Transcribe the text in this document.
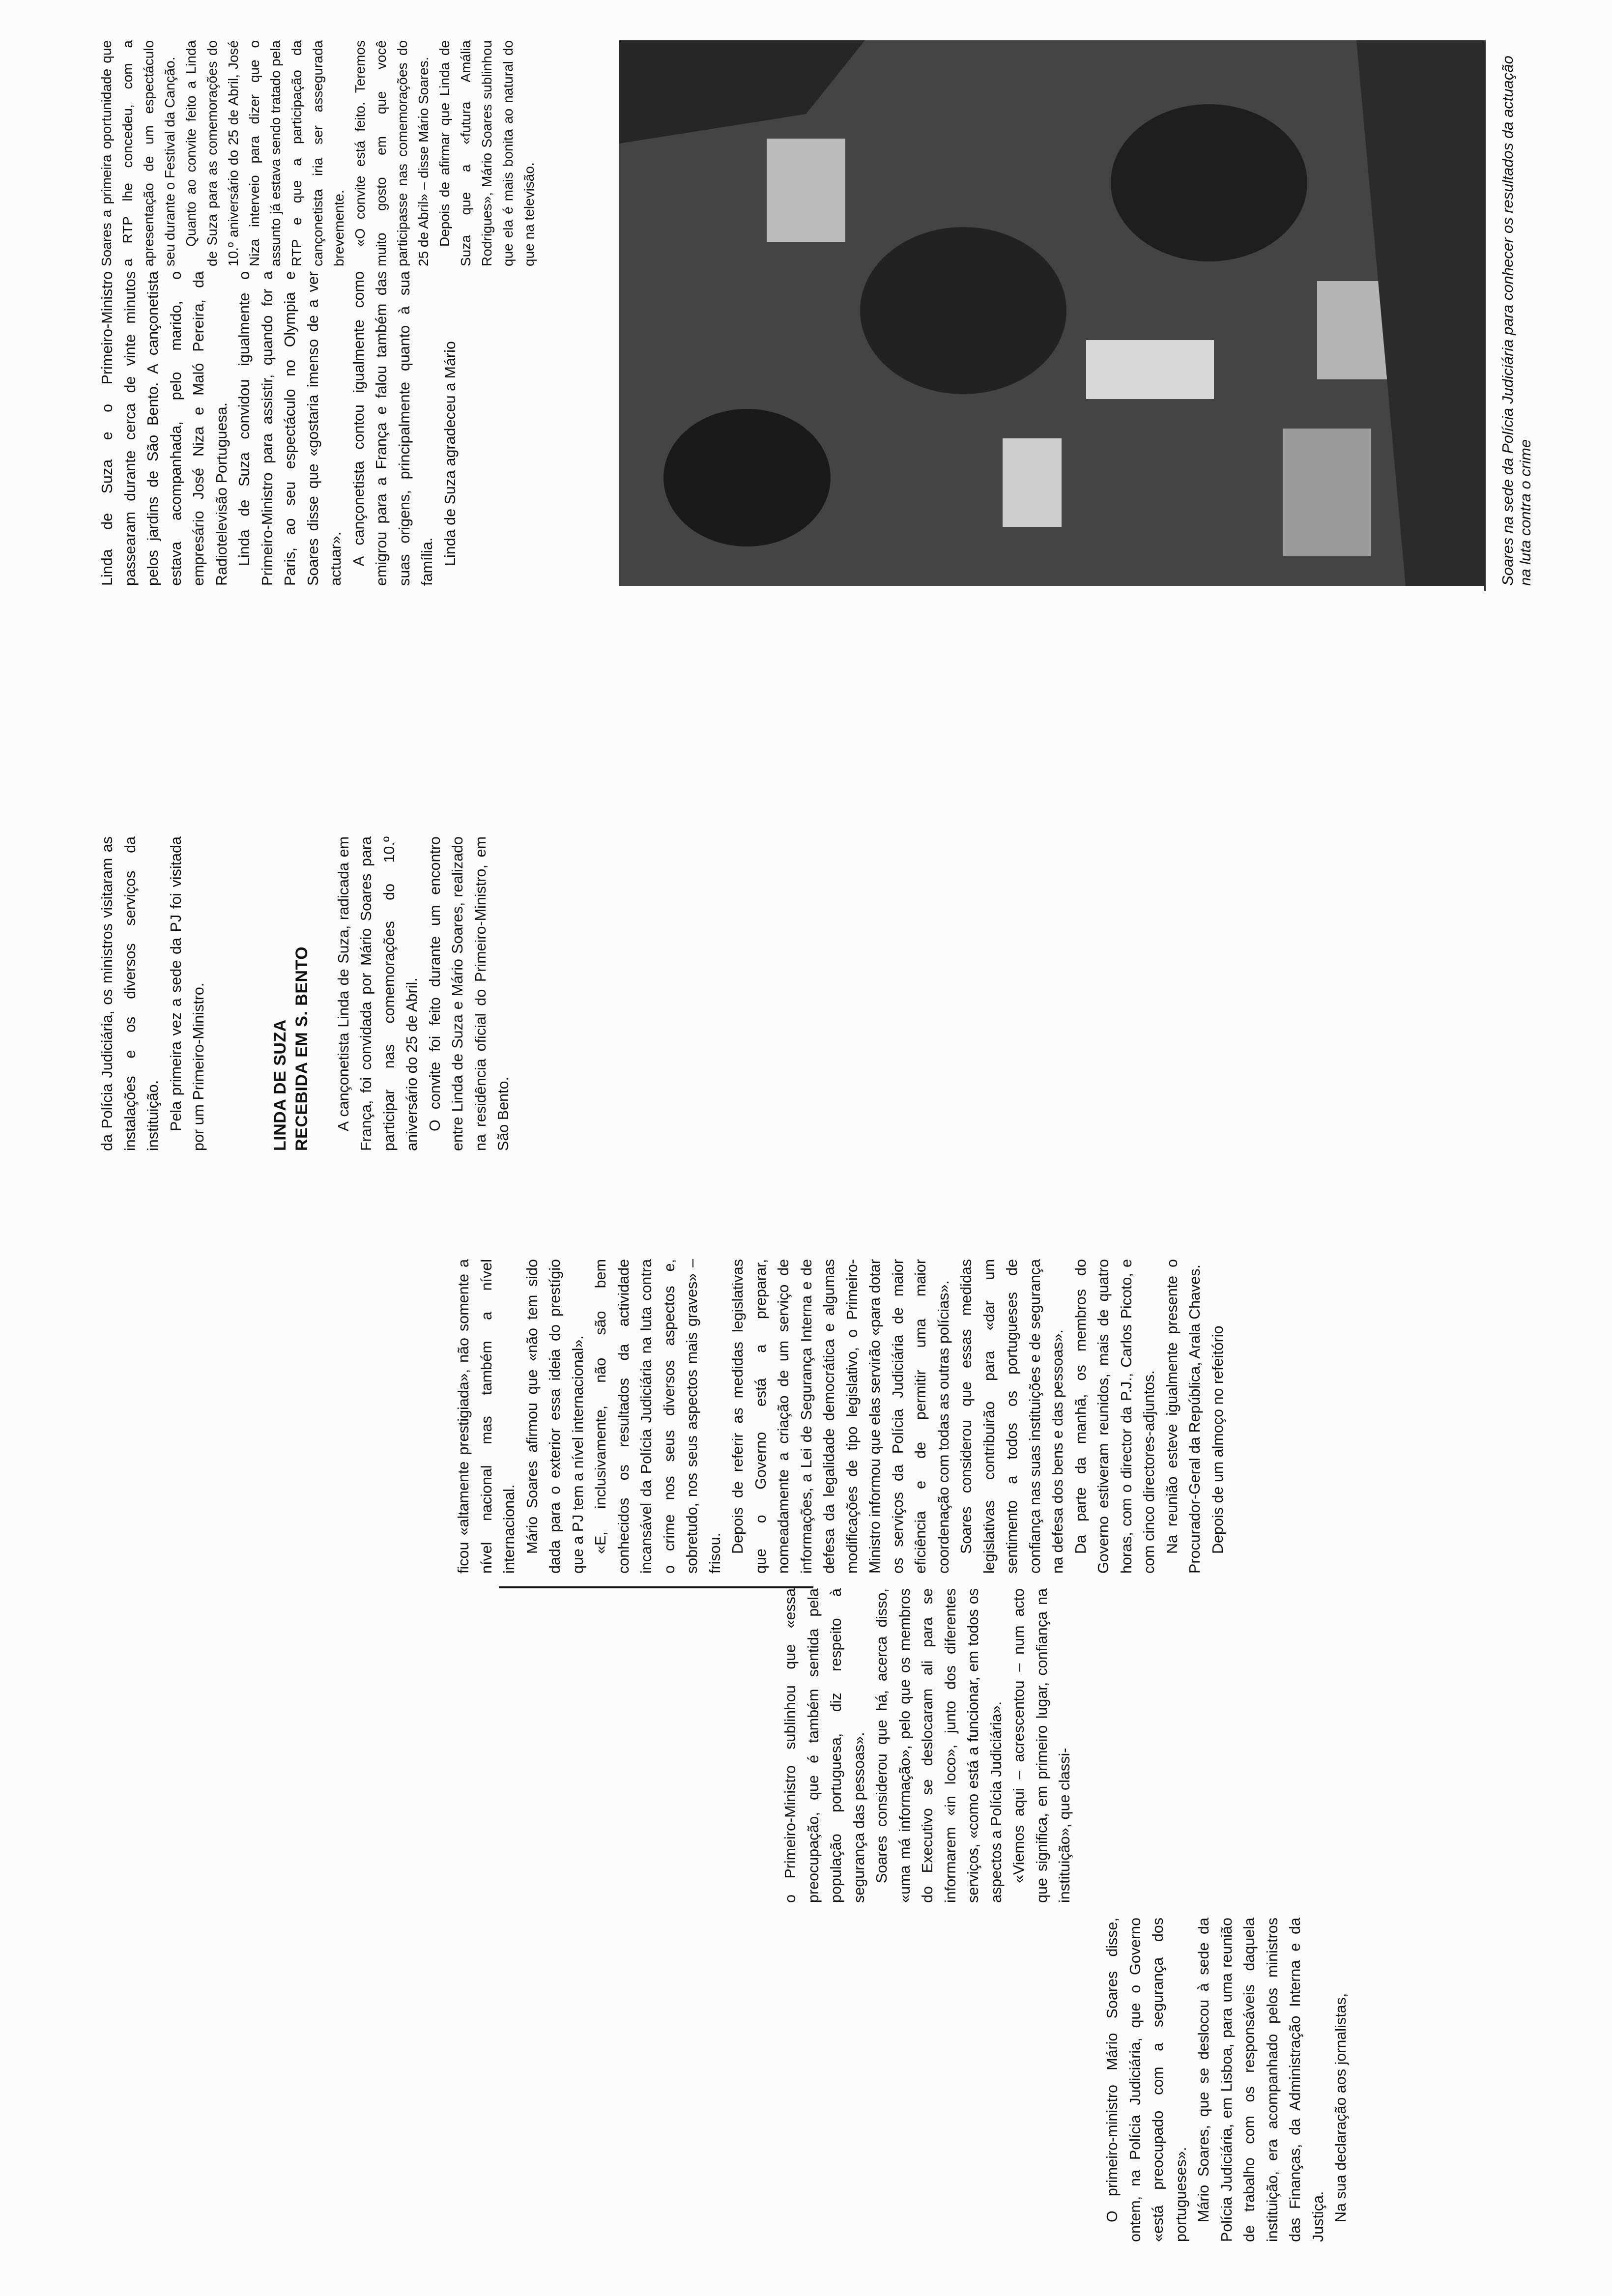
O primeiro-ministro Mário Soares disse, ontem, na Polícia Judiciária, que o Governo «está preocupado com a segurança dos portugueses». Mário Soares, que se deslocou à sede da Polícia Judiciária, em Lisboa, para uma reunião de trabalho com os responsáveis daquela instituição, era acompanhado pelos ministros das Finanças, da Administração Interna e da Justiça. Na sua declaração aos jornalistas,

o Primeiro-Ministro sublinhou que «essa preocupação, que é também sentida pela população portuguesa, diz respeito à segurança das pessoas». Soares considerou que há, acerca disso, «uma má informação», pelo que os membros do Executivo se deslocaram ali para se informarem «in loco», junto dos diferentes serviços, «como está a funcionar, em todos os aspectos a Polícia Judiciária». «Viemos aqui – acrescentou – num acto que significa, em primeiro lugar, confiança na instituição», que classi-

ficou «altamente prestigiada», não somente a nível nacional mas também a nível internacional. Mário Soares afirmou que «não tem sido dada para o exterior essa ideia do prestígio que a PJ tem a nível internacional». «E, inclusivamente, não são bem conhecidos os resultados da actividade incansável da Polícia Judiciária na luta contra o crime nos seus diversos aspectos e, sobretudo, nos seus aspectos mais graves» – frisou. Depois de referir as medidas legislativas que o Governo está a preparar, nomeadamente a criação de um serviço de informações, a Lei de Segurança Interna e de defesa da legalidade democrática e algumas modificações de tipo legislativo, o Primeiro-Ministro informou que elas servirão «para dotar os serviços da Polícia Judiciária de maior eficiência e de permitir uma maior coordenação com todas as outras polícias». Soares considerou que essas medidas legislativas contribuirão para «dar um sentimento a todos os portugueses de confiança nas suas instituições e de segurança na defesa dos bens e das pessoas». Da parte da manhã, os membros do Governo estiveram reunidos, mais de quatro horas, com o director da P.J., Carlos Picoto, e com cinco directores-adjuntos. Na reunião esteve igualmente presente o Procurador-Geral da República, Arala Chaves. Depois de um almoço no refeitório

da Polícia Judiciária, os ministros visitaram as instalações e os diversos serviços da instituição. Pela primeira vez a sede da PJ foi visitada por um Primeiro-Ministro.	LINDA DE SUZA
RECEBIDA EM S. BENTO A cançonetista Linda de Suza, radicada em França, foi convidada por Mário Soares para participar nas comemorações do 10.º aniversário do 25 de Abril. O convite foi feito durante um encontro entre Linda de Suza e Mário Soares, realizado na residência oficial do Primeiro-Ministro, em São Bento.

Linda de Suza e o Primeiro-Ministro passearam durante cerca de vinte minutos pelos jardins de São Bento. A cançonetista estava acompanhada, pelo marido, o empresário José Niza e Maló Pereira, da Radiotelevisão Portuguesa. Linda de Suza convidou igualmente o Primeiro-Ministro para assistir, quando for a Paris, ao seu espectáculo no Olympia e Soares disse que «gostaria imenso de a ver actuar». A cançonetista contou igualmente como emigrou para a França e falou também das suas origens, principalmente quanto à sua família. Linda de Suza agradeceu a Mário	Soares na sede da Polícia Judiciária para conhecer os resultados da actuação na luta contra o crime

Soares a primeira oportunidade que a RTP lhe concedeu, com a apresentação de um espectáculo seu durante o Festival da Canção. Quanto ao convite feito a Linda de Suza para as comemorações do 10.º aniversário do 25 de Abril, José Niza interveio para dizer que o assunto já estava sendo tratado pela RTP e que a participação da cançonetista iria ser assegurada brevemente. «O convite está feito. Teremos muito gosto em que você participasse nas comemorações do 25 de Abril» – disse Mário Soares. Depois de afirmar que Linda de Suza que a «futura Amália Rodrigues», Mário Soares sublinhou que ela é mais bonita ao natural do que na televisão.
